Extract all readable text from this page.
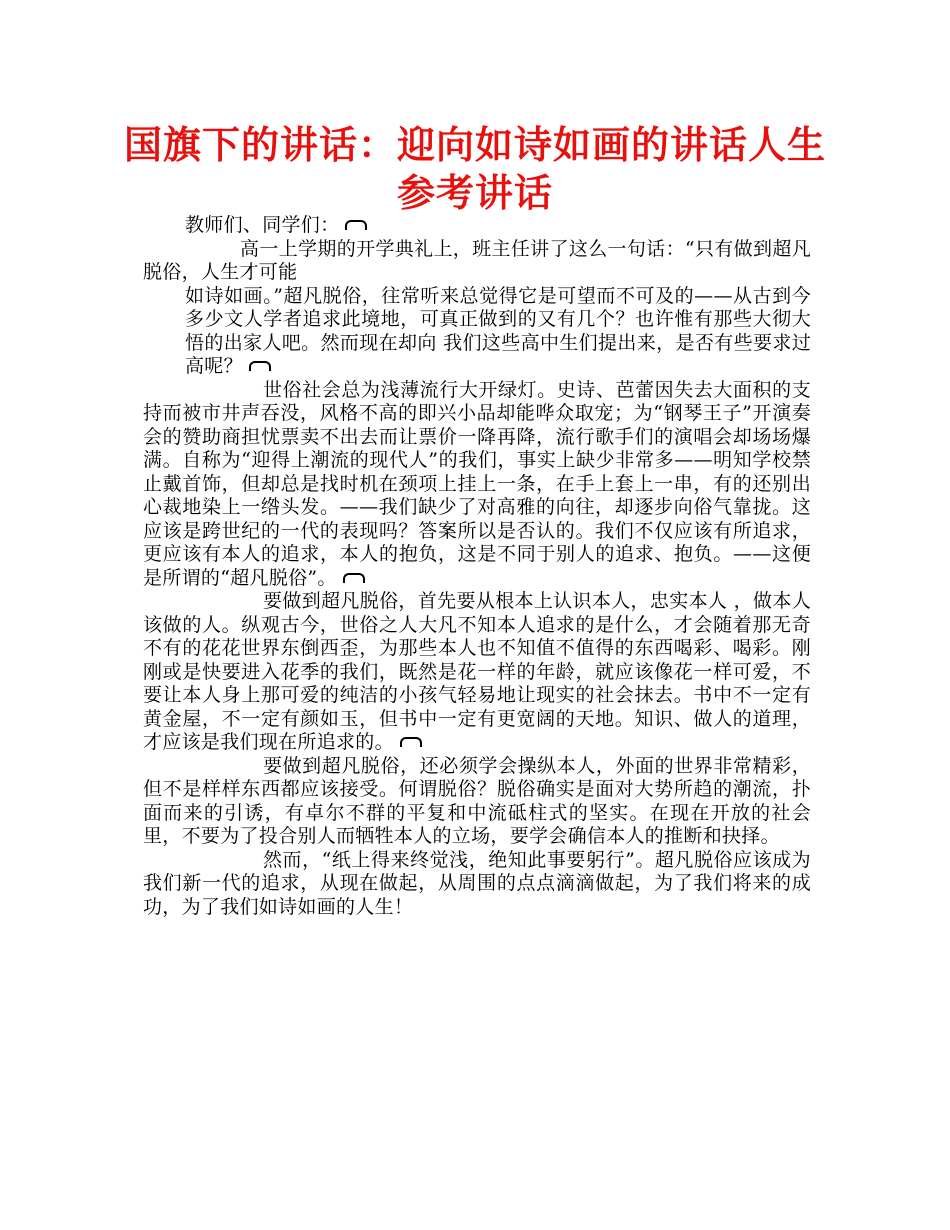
国旗下的讲话：迎向如诗如画的讲话人生
参考讲话

教师们、同学们：

高一上学期的开学典礼上，班主任讲了这么一句话：“只有做到超凡脱俗，人生才可能

如诗如画。”超凡脱俗，往常听来总觉得它是可望而不可及的——从古到今多少文人学者追求此境地，可真正做到的又有几个？也许惟有那些大彻大悟的出家人吧。然而现在却向 我们这些高中生们提出来，是否有些要求过高呢？

世俗社会总为浅薄流行大开绿灯。史诗、芭蕾因失去大面积的支持而被市井声吞没，风格不高的即兴小品却能哗众取宠；为“钢琴王子”开演奏会的赞助商担忧票卖不出去而让票价一降再降，流行歌手们的演唱会却场场爆满。自称为“迎得上潮流的现代人”的我们，事实上缺少非常多——明知学校禁止戴首饰，但却总是找时机在颈项上挂上一条，在手上套上一串，有的还别出心裁地染上一绺头发。——我们缺少了对高雅的向往，却逐步向俗气靠拢。这应该是跨世纪的一代的表现吗？答案所以是否认的。我们不仅应该有所追求，更应该有本人的追求，本人的抱负，这是不同于别人的追求、抱负。——这便是所谓的“超凡脱俗”。

要做到超凡脱俗，首先要从根本上认识本人，忠实本人 ，做本人该做的人。纵观古今，世俗之人大凡不知本人追求的是什么，才会随着那无奇不有的花花世界东倒西歪，为那些本人也不知值不值得的东西喝彩、喝彩。刚刚或是快要进入花季的我们，既然是花一样的年龄，就应该像花一样可爱，不要让本人身上那可爱的纯洁的小孩气轻易地让现实的社会抹去。书中不一定有黄金屋，不一定有颜如玉，但书中一定有更宽阔的天地。知识、做人的道理，才应该是我们现在所追求的。

要做到超凡脱俗，还必须学会操纵本人，外面的世界非常精彩，但不是样样东西都应该接受。何谓脱俗？脱俗确实是面对大势所趋的潮流，扑面而来的引诱，有卓尔不群的平复和中流砥柱式的坚实。在现在开放的社会里，不要为了投合别人而牺牲本人的立场，要学会确信本人的推断和抉择。

然而，“纸上得来终觉浅，绝知此事要躬行”。超凡脱俗应该成为我们新一代的追求，从现在做起，从周围的点点滴滴做起，为了我们将来的成功，为了我们如诗如画的人生！
